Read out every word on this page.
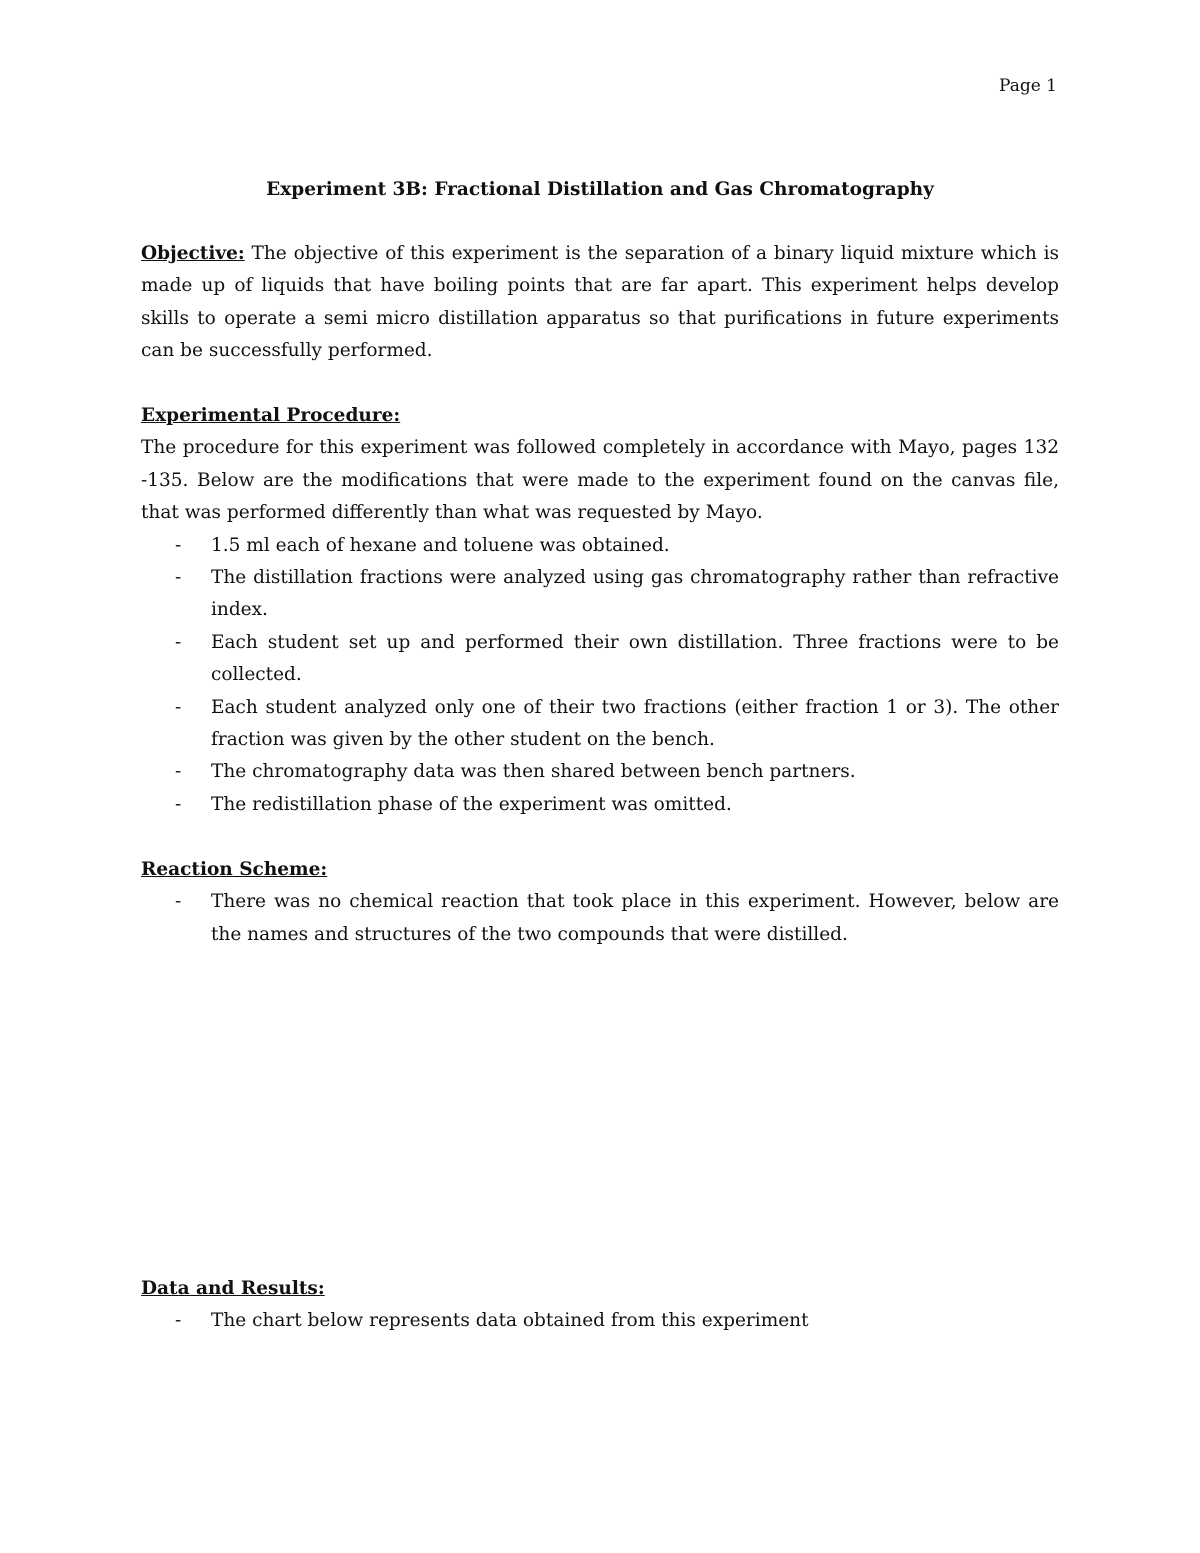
Page 1
Experiment 3B: Fractional Distillation and Gas Chromatography

Objective: The objective of this experiment is the separation of a binary liquid mixture which is made up of liquids that have boiling points that are far apart. This experiment helps develop skills to operate a semi micro distillation apparatus so that purifications in future experiments can be successfully performed.

Experimental Procedure:

The procedure for this experiment was followed completely in accordance with Mayo, pages 132 -135. Below are the modifications that were made to the experiment found on the canvas file, that was performed differently than what was requested by Mayo.

- 1.5 ml each of hexane and toluene was obtained.
- The distillation fractions were analyzed using gas chromatography rather than refractive index.
- Each student set up and performed their own distillation. Three fractions were to be collected.
- Each student analyzed only one of their two fractions (either fraction 1 or 3). The other fraction was given by the other student on the bench.
- The chromatography data was then shared between bench partners.
- The redistillation phase of the experiment was omitted.
Reaction Scheme:
- There was no chemical reaction that took place in this experiment. However, below are the names and structures of the two compounds that were distilled.
Data and Results:
- The chart below represents data obtained from this experiment
